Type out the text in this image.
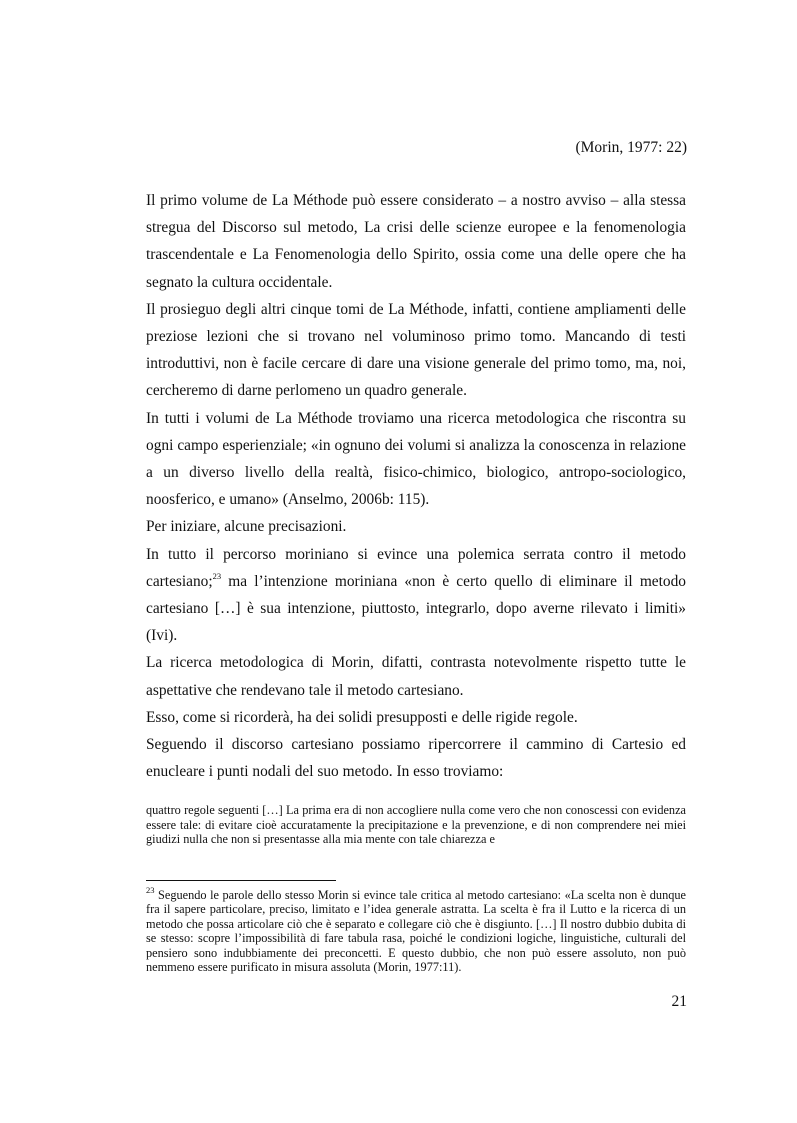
(Morin, 1977: 22)

Il primo volume de La Méthode può essere considerato – a nostro avviso – alla stessa stregua del Discorso sul metodo, La crisi delle scienze europee e la fenomenologia trascendentale e La Fenomenologia dello Spirito, ossia come una delle opere che ha segnato la cultura occidentale.

Il prosieguo degli altri cinque tomi de La Méthode, infatti, contiene ampliamenti delle preziose lezioni che si trovano nel voluminoso primo tomo. Mancando di testi introduttivi, non è facile cercare di dare una visione generale del primo tomo, ma, noi, cercheremo di darne perlomeno un quadro generale.

In tutti i volumi de La Méthode troviamo una ricerca metodologica che riscontra su ogni campo esperienziale; «in ognuno dei volumi si analizza la conoscenza in relazione a un diverso livello della realtà, fisico-chimico, biologico, antropo-sociologico, noosferico, e umano» (Anselmo, 2006b: 115).

Per iniziare, alcune precisazioni.

In tutto il percorso moriniano si evince una polemica serrata contro il metodo cartesiano;$^{23}$ ma l’intenzione moriniana «non è certo quello di eliminare il metodo cartesiano […] è sua intenzione, piuttosto, integrarlo, dopo averne rilevato i limiti» (Ivi).

La ricerca metodologica di Morin, difatti, contrasta notevolmente rispetto tutte le aspettative che rendevano tale il metodo cartesiano.

Esso, come si ricorderà, ha dei solidi presupposti e delle rigide regole.

Seguendo il discorso cartesiano possiamo ripercorrere il cammino di Cartesio ed enucleare i punti nodali del suo metodo. In esso troviamo:

quattro regole seguenti […] La prima era di non accogliere nulla come vero che non conoscessi con evidenza essere tale: di evitare cioè accuratamente la precipitazione e la prevenzione, e di non comprendere nei miei giudizi nulla che non si presentasse alla mia mente con tale chiarezza e
$^{23}$ Seguendo le parole dello stesso Morin si evince tale critica al metodo cartesiano: «La scelta non è dunque fra il sapere particolare, preciso, limitato e l’idea generale astratta. La scelta è fra il Lutto e la ricerca di un metodo che possa articolare ciò che è separato e collegare ciò che è disgiunto. […] Il nostro dubbio dubita di se stesso: scopre l’impossibilità di fare tabula rasa, poiché le condizioni logiche, linguistiche, culturali del pensiero sono indubbiamente dei preconcetti. E questo dubbio, che non può essere assoluto, non può nemmeno essere purificato in misura assoluta (Morin, 1977:11).
21
